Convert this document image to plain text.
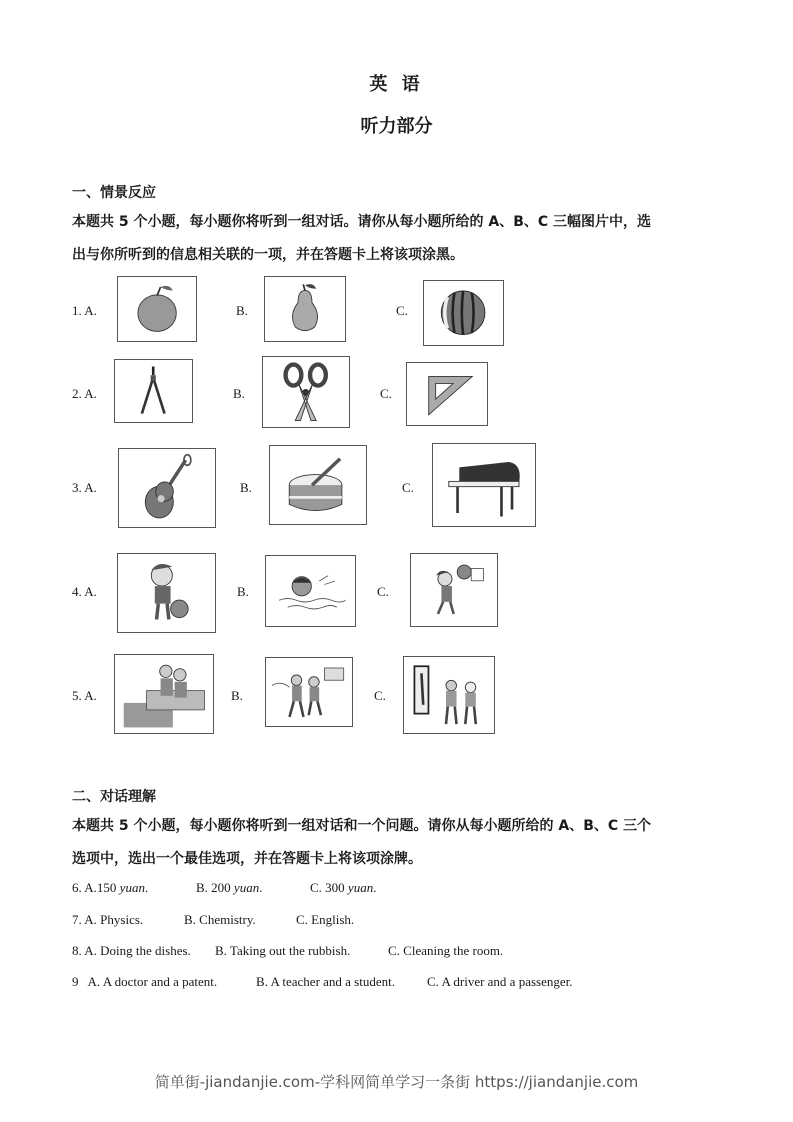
英 语
听力部分
一、情景反应
本题共 5 个小题，每小题你将听到一组对话。请你从每小题所给的 A、B、C 三幅图片中，选
出与你所听到的信息相关联的一项，并在答题卡上将该项涂黑。
1. A.	B.	C.
2. A.	B.	C.
3. A.	B.	C.
4. A.	B.	C.
5. A.	B.	C.
二、对话理解
本题共 5 个小题，每小题你将听到一组对话和一个问题。请你从每小题所给的 A、B、C 三个
选项中，选出一个最佳选项，并在答题卡上将该项涂牌。
6. A.150 yuan.	B. 200 yuan.	C. 300 yuan.
7. A. Physics.	B. Chemistry.	C. English.
8. A. Doing the dishes. B. Taking out the rubbish.	C. Cleaning the room.
9   A. A doctor and a patent.	B. A teacher and a student. C. A driver and a passenger.
简单街-jiandanjie.com-学科网简单学习一条街 https://jiandanjie.com
